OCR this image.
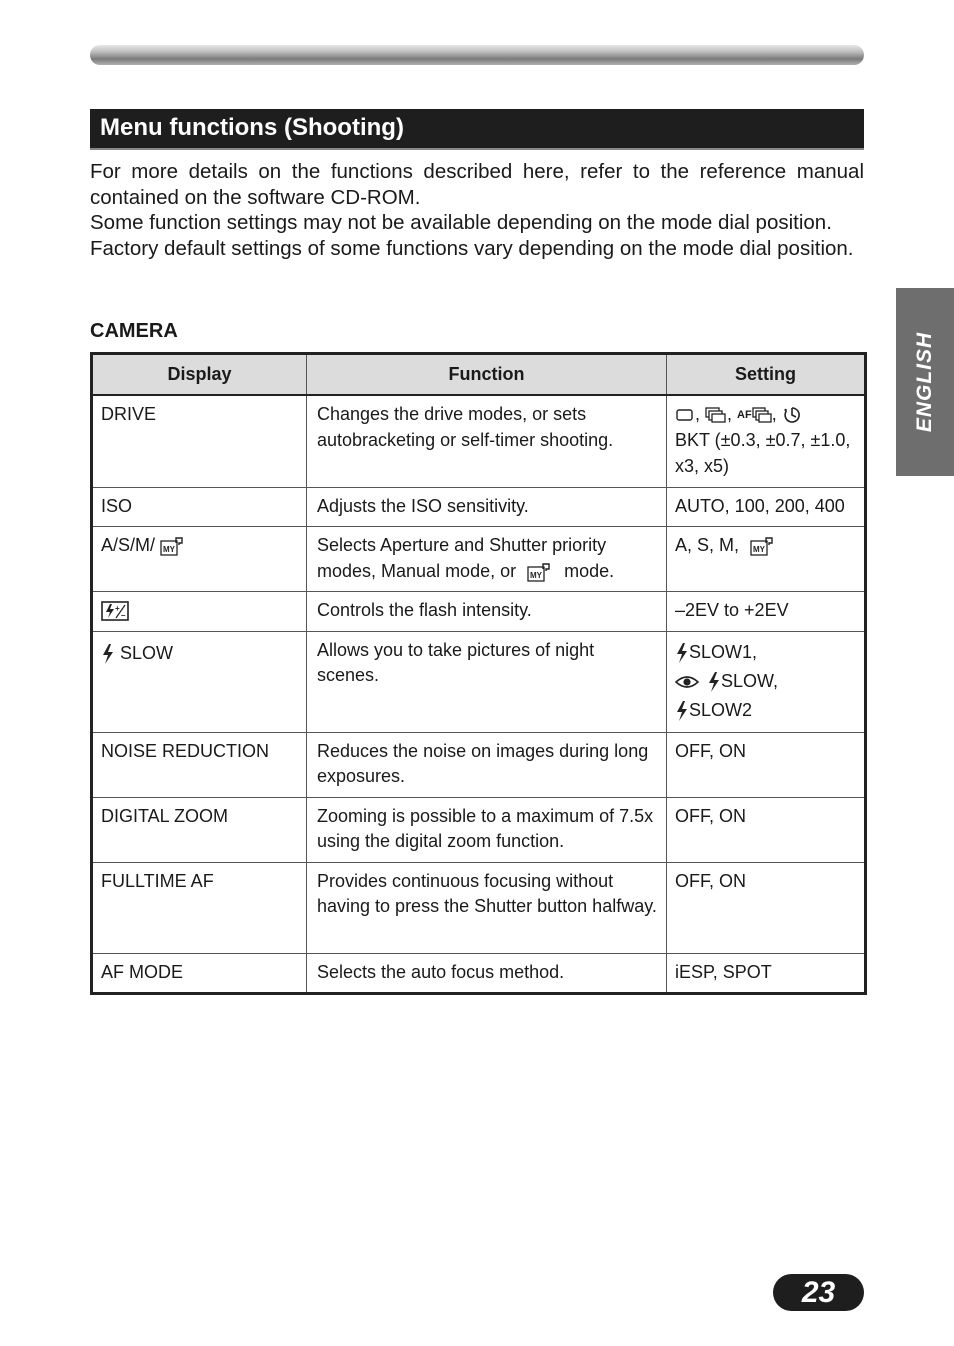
Menu functions (Shooting)

For more details on the functions described here, refer to the reference manual contained on the software CD-ROM.

Some function settings may not be available depending on the mode dial position.

Factory default settings of some functions vary depending on the mode dial position.

CAMERA
Display	Function	Setting
DRIVE	Changes the drive modes, or sets autobracketing or self-timer shooting.	,
, AF ,
BKT (±0.3, ±0.7, ±1.0, x3, x5)

ISO	Adjusts the ISO sensitivity.	AUTO, 100, 200, 400
A/S/M/ MY	Selects Aperture and Shutter priority modes, Manual mode, or MY mode.	A, S, M, MY

+
–	Controls the flash intensity.	–2EV to +2EV

SLOW	Allows you to take pictures of night scenes.	SLOW1,
SLOW,
SLOW2

NOISE REDUCTION	Reduces the noise on images during long exposures.	OFF, ON
DIGITAL ZOOM	Zooming is possible to a maximum of 7.5x using the digital zoom function.	OFF, ON
FULLTIME AF	Provides continuous focusing without having to press the Shutter button halfway.	OFF, ON
AF MODE	Selects the auto focus method.	iESP, SPOT
ENGLISH
23
